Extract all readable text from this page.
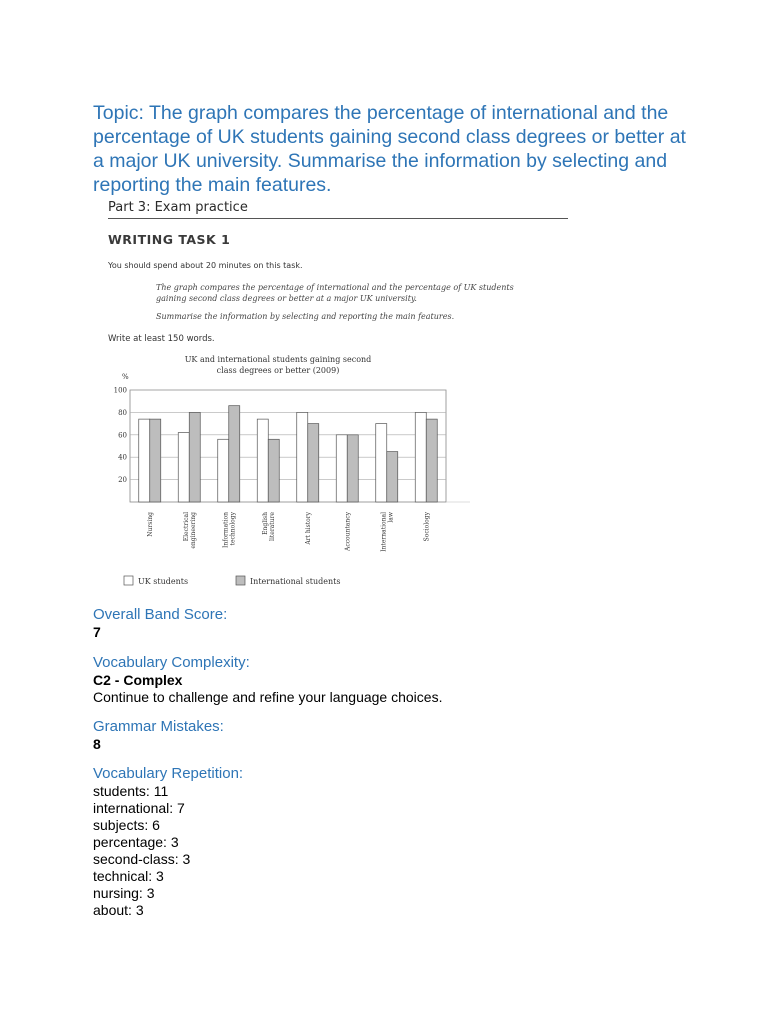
Topic: The graph compares the percentage of international and the percentage of UK students gaining second class degrees or better at a major UK university. Summarise the information by selecting and reporting the main features.
Part 3: Exam practice
WRITING TASK 1
You should spend about 20 minutes on this task.
The graph compares the percentage of international and the percentage of UK students gaining second class degrees or better at a major UK university.
Summarise the information by selecting and reporting the main features.
Write at least 150 words.
UK and international students gaining second
class degrees or better (2009)
%
20
40
60
80
100
Nursing	Electrical engineering	Information technology	English literature	Art history	Accountancy	International law	Sociology
UK students	International students
Overall Band Score:
7
Vocabulary Complexity:
C2 - Complex
Continue to challenge and refine your language choices.
Grammar Mistakes:
8
Vocabulary Repetition:
students: 11
international: 7
subjects: 6
percentage: 3
second-class: 3
technical: 3
nursing: 3
about: 3
